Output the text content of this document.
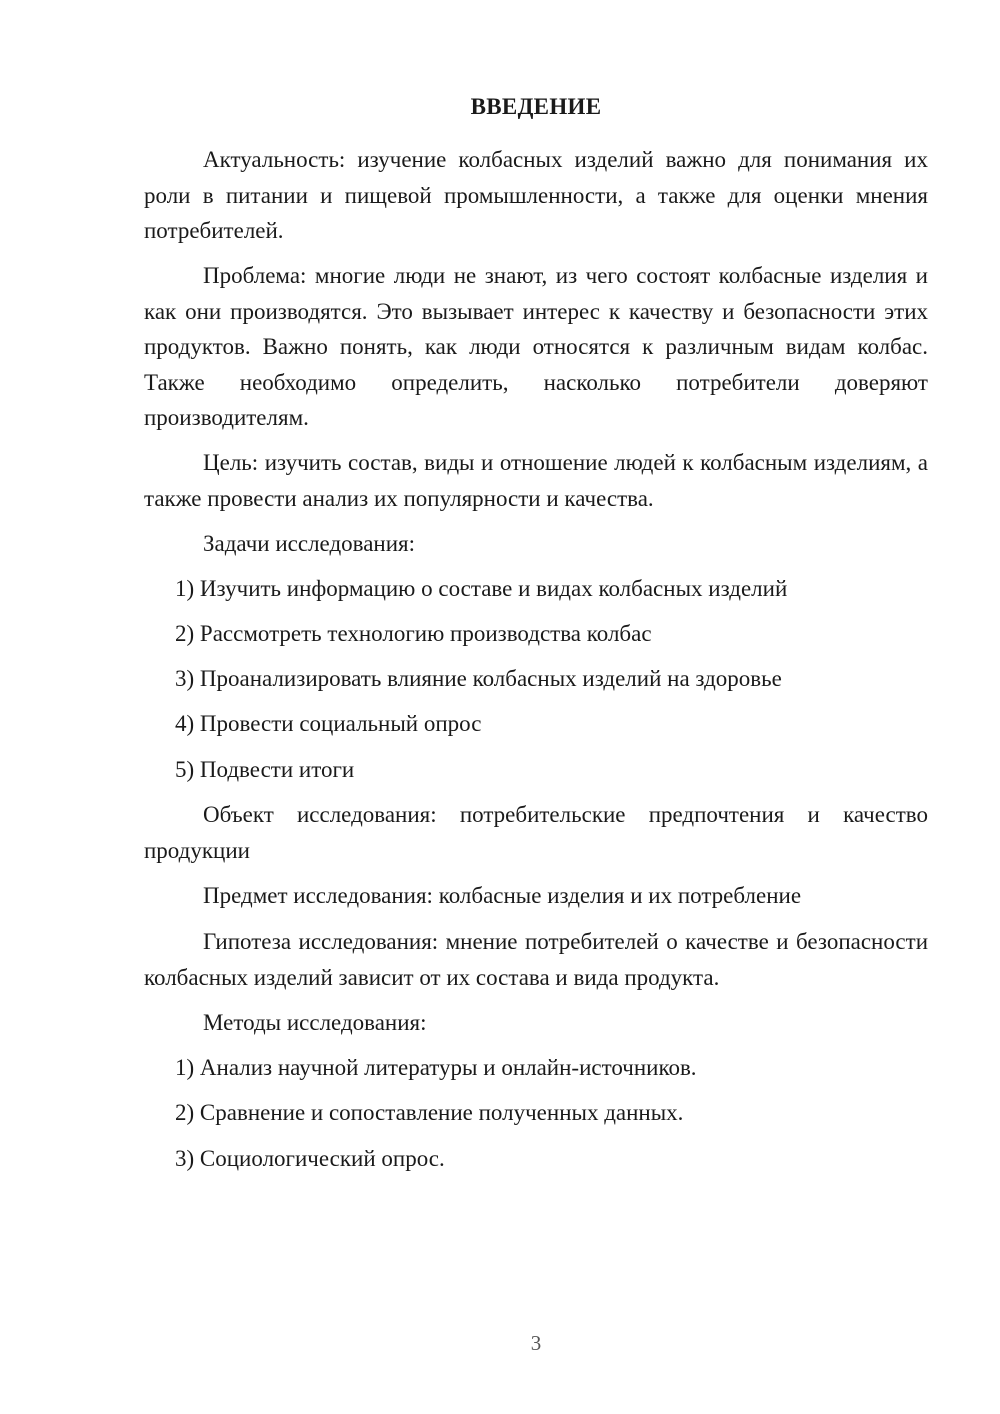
ВВЕДЕНИЕ

Актуальность: изучение колбасных изделий важно для понимания их роли в питании и пищевой промышленности, а также для оценки мнения потребителей.

Проблема: многие люди не знают, из чего состоят колбасные изделия и как они производятся. Это вызывает интерес к качеству и безопасности этих продуктов. Важно понять, как люди относятся к различным видам колбас. Также необходимо определить, насколько потребители доверяют производителям.

Цель: изучить состав, виды и отношение людей к колбасным изделиям, а также провести анализ их популярности и качества.

Задачи исследования:

1) Изучить информацию о составе и видах колбасных изделий

2) Рассмотреть технологию производства колбас

3) Проанализировать влияние колбасных изделий на здоровье

4) Провести социальный опрос

5) Подвести итоги

Объект исследования: потребительские предпочтения и качество продукции

Предмет исследования: колбасные изделия и их потребление

Гипотеза исследования: мнение потребителей о качестве и безопасности колбасных изделий зависит от их состава и вида продукта.

Методы исследования:

1) Анализ научной литературы и онлайн-источников.

2) Сравнение и сопоставление полученных данных.

3) Социологический опрос.

3
